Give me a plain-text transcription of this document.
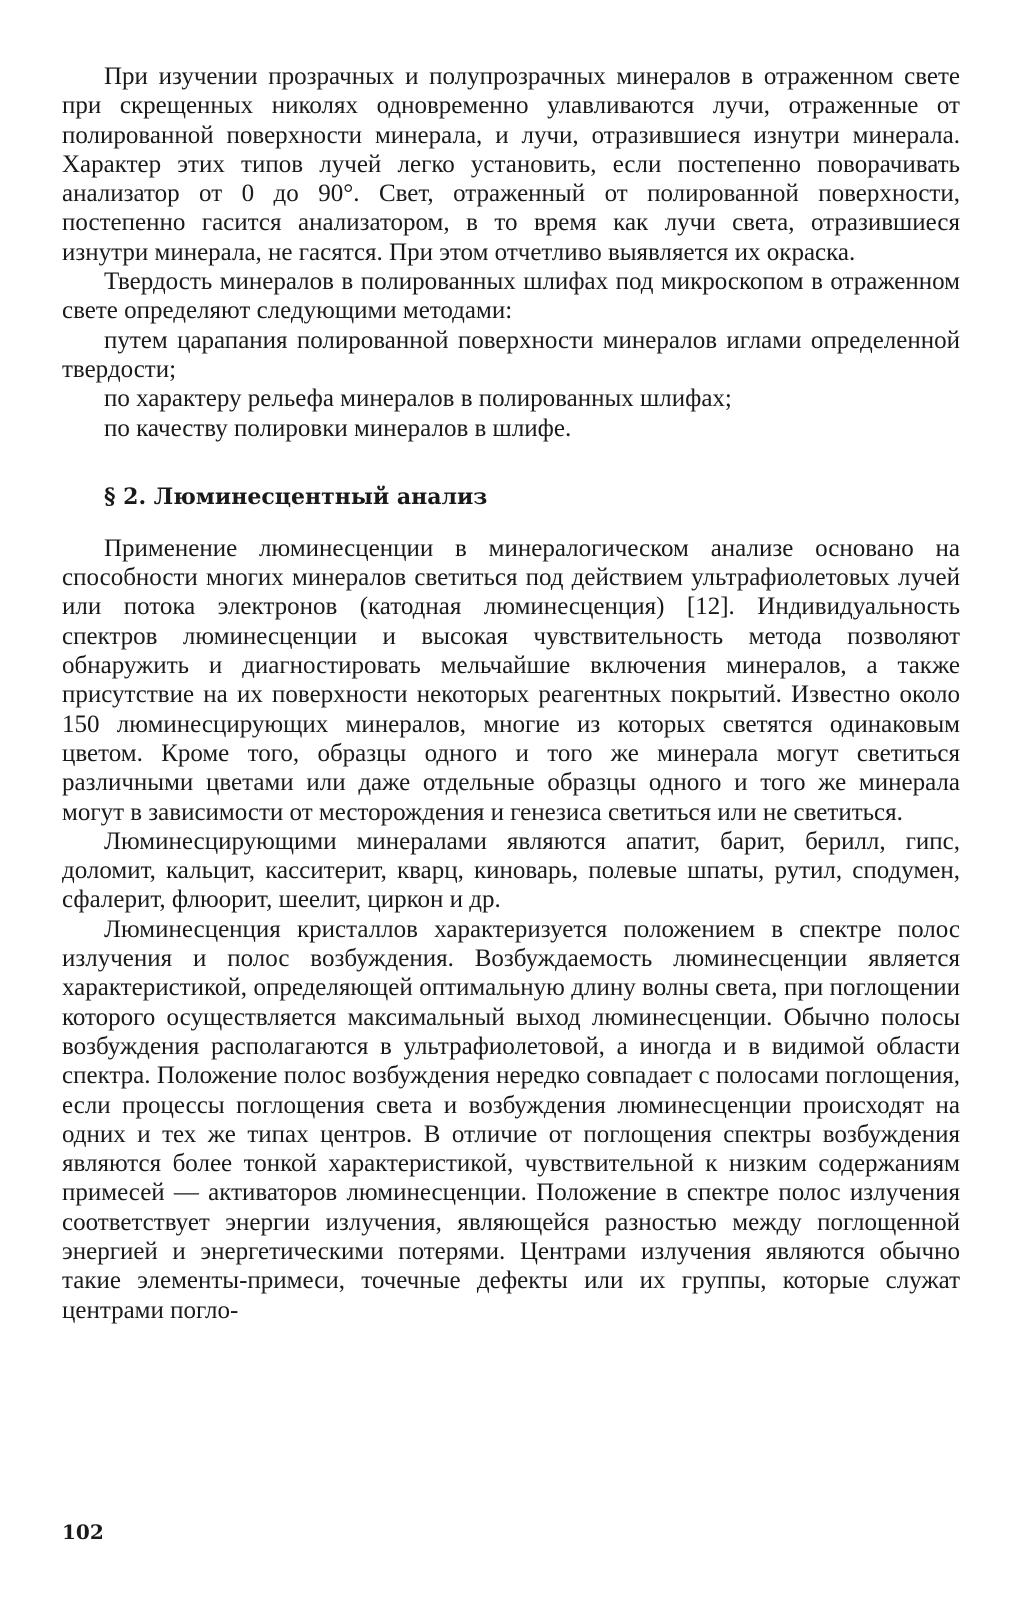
При изучении прозрачных и полупрозрачных минералов в отраженном свете при скрещенных николях одновременно улавливаются лучи, отраженные от полированной поверхности минерала, и лучи, отразившиеся изнутри минерала. Характер этих типов лучей легко установить, если постепенно поворачивать анализатор от 0 до 90°. Свет, отраженный от полированной поверхности, постепенно гасится анализатором, в то время как лучи света, отразившиеся изнутри минерала, не гасятся. При этом отчетливо выявляется их окраска.

Твердость минералов в полированных шлифах под микроскопом в отраженном свете определяют следующими методами:

путем царапания полированной поверхности минералов иглами определенной твердости;

по характеру рельефа минералов в полированных шлифах;

по качеству полировки минералов в шлифе.

§ 2. Люминесцентный анализ

Применение люминесценции в минералогическом анализе основано на способности многих минералов светиться под действием ультрафиолетовых лучей или потока электронов (катодная люминесценция) [12]. Индивидуальность спектров люминесценции и высокая чувствительность метода позволяют обнаружить и диагностировать мельчайшие включения минералов, а также присутствие на их поверхности некоторых реагентных покрытий. Известно около 150 люминесцирующих минералов, многие из которых светятся одинаковым цветом. Кроме того, образцы одного и того же минерала могут светиться различными цветами или даже отдельные образцы одного и того же минерала могут в зависимости от месторождения и генезиса светиться или не светиться.

Люминесцирующими минералами являются апатит, барит, берилл, гипс, доломит, кальцит, касситерит, кварц, киноварь, полевые шпаты, рутил, сподумен, сфалерит, флюорит, шеелит, циркон и др.

Люминесценция кристаллов характеризуется положением в спектре полос излучения и полос возбуждения. Возбуждаемость люминесценции является характеристикой, определяющей оптимальную длину волны света, при поглощении которого осуществляется максимальный выход люминесценции. Обычно полосы возбуждения располагаются в ультрафиолетовой, а иногда и в видимой области спектра. Положение полос возбуждения нередко совпадает с полосами поглощения, если процессы поглощения света и возбуждения люминесценции происходят на одних и тех же типах центров. В отличие от поглощения спектры возбуждения являются более тонкой характеристикой, чувствительной к низким содержаниям примесей — активаторов люминесценции. Положение в спектре полос излучения соответствует энергии излучения, являющейся разностью между поглощенной энергией и энергетическими потерями. Центрами излучения являются обычно такие элементы-примеси, точечные дефекты или их группы, которые служат центрами погло-

102
